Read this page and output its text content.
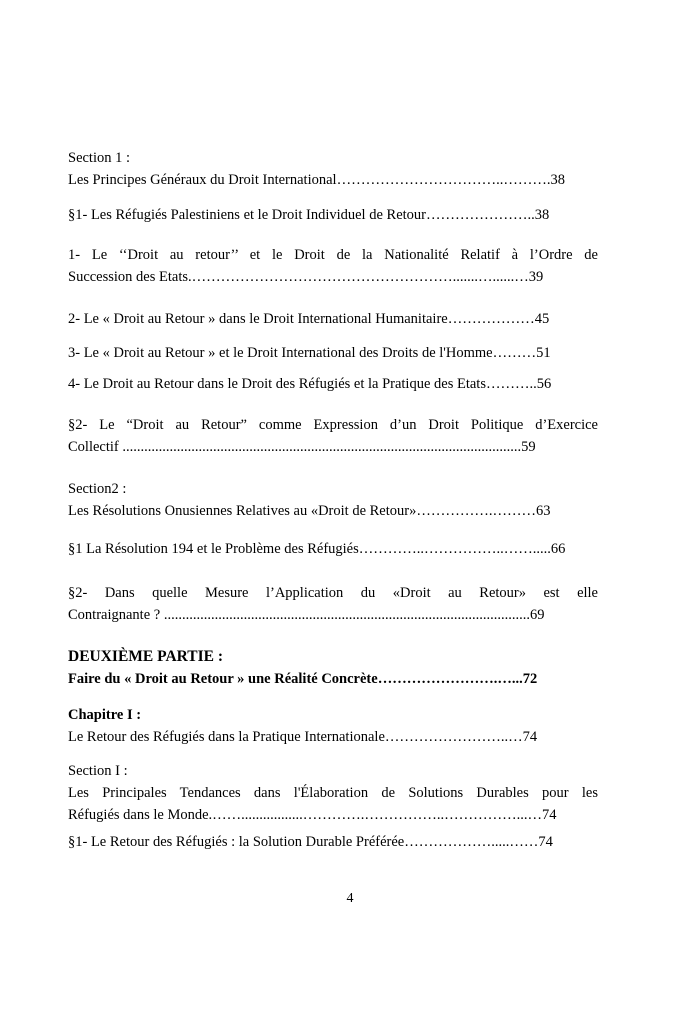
Section 1 :
Les Principes Généraux du Droit International……………………………..……….38
§1- Les Réfugiés Palestiniens et le Droit Individuel de Retour…………………..38
1- Le ‘‘Droit au retour’’ et le Droit de la Nationalité Relatif à l’Ordre de
Succession des Etats.……………………………………………….......…......…39
2- Le « Droit au Retour » dans le Droit International Humanitaire………………45
3- Le « Droit au Retour » et le Droit International des Droits de l'Homme………51
4- Le Droit au Retour dans le Droit des Réfugiés et la Pratique des Etats………..56
§2- Le “Droit au Retour” comme Expression d’un Droit Politique d’Exercice
Collectif ..............................................................................................................59
Section2 :
Les Résolutions Onusiennes Relatives au «Droit de Retour»…………….………63
§1 La Résolution 194 et le Problème des Réfugiés…………..……………..…….....66
§2- Dans quelle Mesure l’Application du «Droit au Retour» est elle
Contraignante ? .....................................................................................................69
DEUXIÈME PARTIE :
Faire du « Droit au Retour » une Réalité Concrète…………………….…...72
Chapitre I :
Le Retour des Réfugiés dans la Pratique Internationale……………………..…74
Section I :
Les Principales Tendances dans l'Élaboration de Solutions Durables pour les
Réfugiés dans le Monde.…….................………….……………..……………...…74
§1- Le Retour des Réfugiés : la Solution Durable Préférée……………….....……74
4
